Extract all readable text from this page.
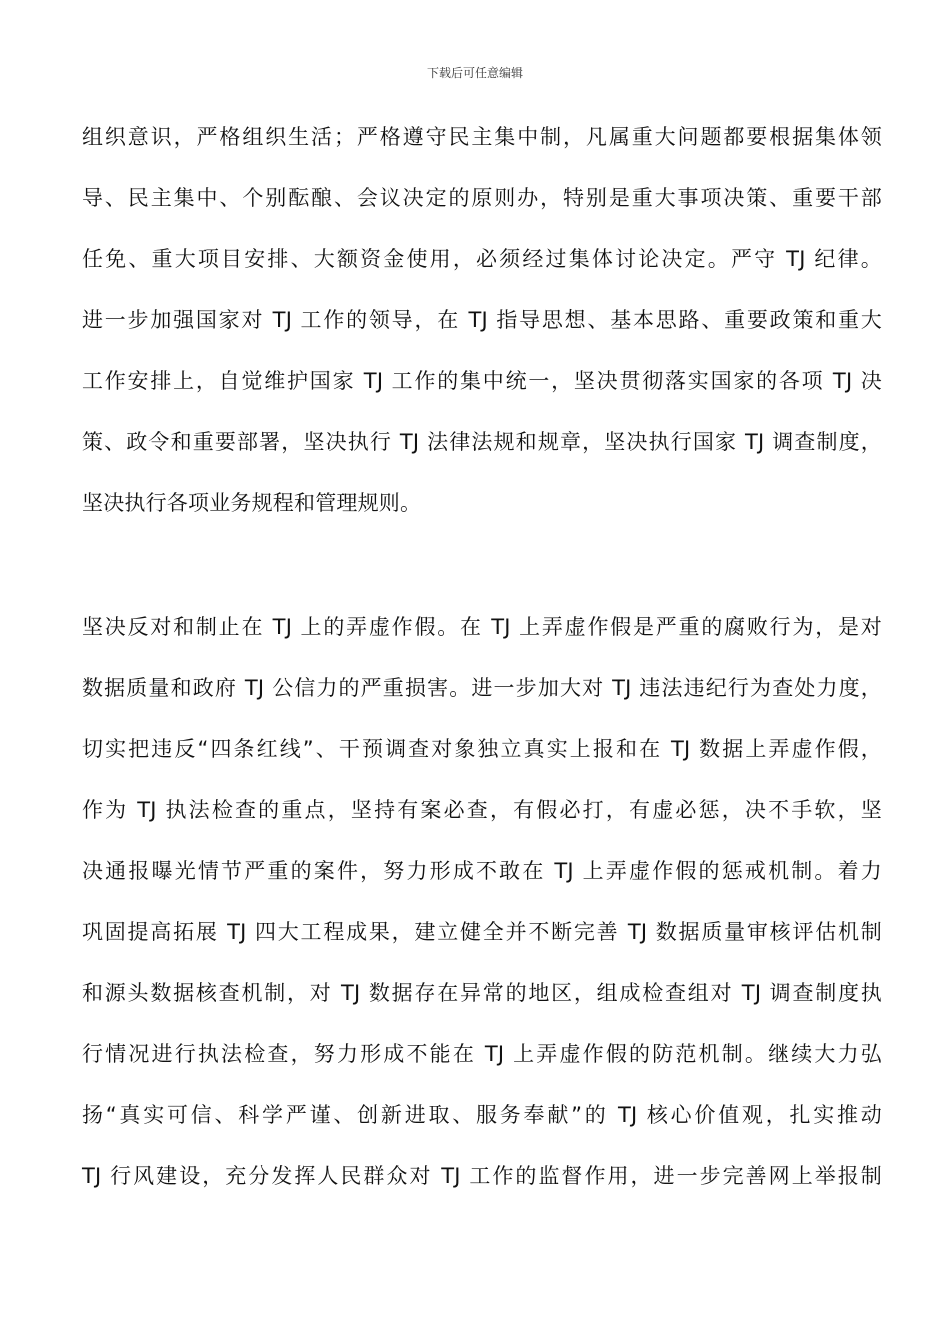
下载后可任意编辑
组织意识，严格组织生活；严格遵守民主集中制，凡属重大问题都要根据集体领
导、民主集中、个别酝酿、会议决定的原则办，特别是重大事项决策、重要干部
任免、重大项目安排、大额资金使用，必须经过集体讨论决定。严守 TJ 纪律。
进一步加强国家对 TJ 工作的领导，在 TJ 指导思想、基本思路、重要政策和重大
工作安排上，自觉维护国家 TJ 工作的集中统一，坚决贯彻落实国家的各项 TJ 决
策、政令和重要部署，坚决执行 TJ 法律法规和规章，坚决执行国家 TJ 调查制度，
坚决执行各项业务规程和管理规则。
坚决反对和制止在 TJ 上的弄虚作假。在 TJ 上弄虚作假是严重的腐败行为，是对
数据质量和政府 TJ 公信力的严重损害。进一步加大对 TJ 违法违纪行为查处力度，
切实把违反“四条红线”、干预调查对象独立真实上报和在 TJ 数据上弄虚作假，
作为 TJ 执法检查的重点，坚持有案必查，有假必打，有虚必惩，决不手软，坚
决通报曝光情节严重的案件，努力形成不敢在 TJ 上弄虚作假的惩戒机制。着力
巩固提高拓展 TJ 四大工程成果，建立健全并不断完善 TJ 数据质量审核评估机制
和源头数据核查机制，对 TJ 数据存在异常的地区，组成检查组对 TJ 调查制度执
行情况进行执法检查，努力形成不能在 TJ 上弄虚作假的防范机制。继续大力弘
扬“真实可信、科学严谨、创新进取、服务奉献”的 TJ 核心价值观，扎实推动
TJ 行风建设，充分发挥人民群众对 TJ 工作的监督作用，进一步完善网上举报制
